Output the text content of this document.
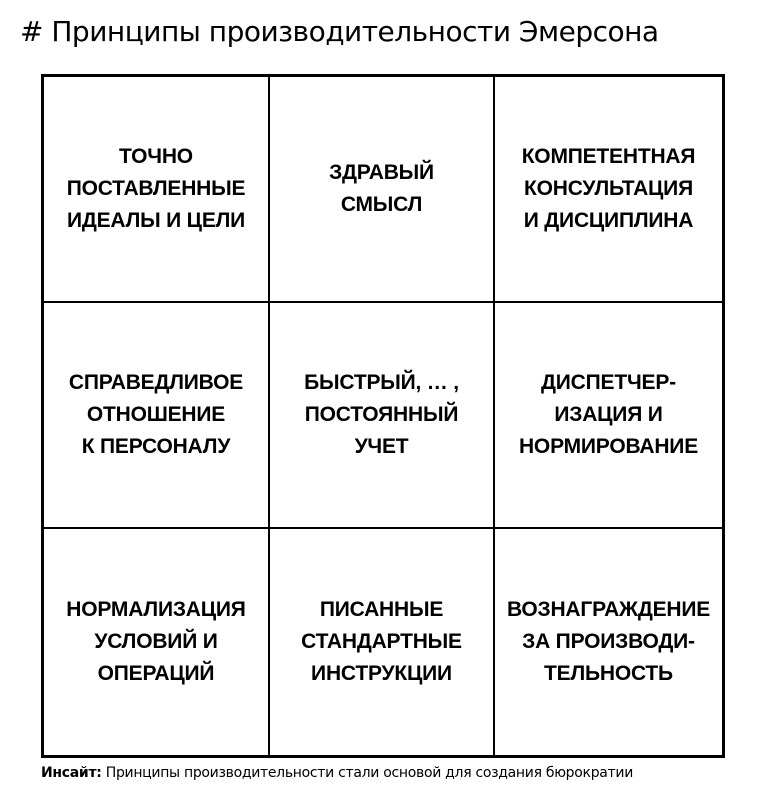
# Принципы производительности Эмерсона
ТОЧНО
ПОСТАВЛЕННЫЕ
ИДЕАЛЫ И ЦЕЛИ
ЗДРАВЫЙ
СМЫСЛ
КОМПЕТЕНТНАЯ
КОНСУЛЬТАЦИЯ
И ДИСЦИПЛИНА
СПРАВЕДЛИВОЕ
ОТНОШЕНИЕ
К ПЕРСОНАЛУ
БЫСТРЫЙ, … ,
ПОСТОЯННЫЙ
УЧЕТ
ДИСПЕТЧЕР-
ИЗАЦИЯ И
НОРМИРОВАНИЕ
НОРМАЛИЗАЦИЯ
УСЛОВИЙ И
ОПЕРАЦИЙ
ПИСАННЫЕ
СТАНДАРТНЫЕ
ИНСТРУКЦИИ
ВОЗНАГРАЖДЕНИЕ
ЗА ПРОИЗВОДИ-
ТЕЛЬНОСТЬ
Инсайт: Принципы производительности стали основой для создания бюрократии
